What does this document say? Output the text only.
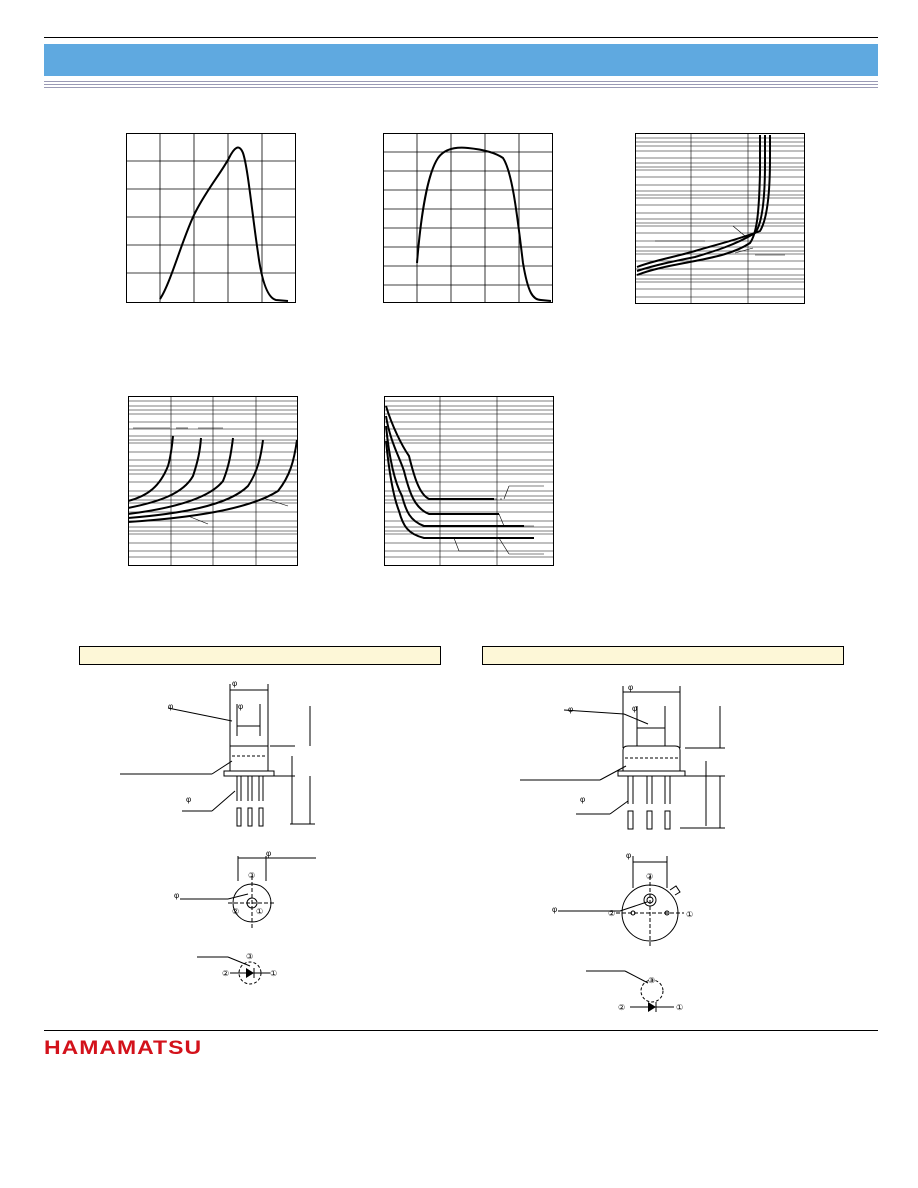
φ
φ
φ
φ
φ
φ
③
② ①
③
②	①
φ
φ
φ
φ
φ
φ
③
②	①
③
②	①
HAMAMATSU
